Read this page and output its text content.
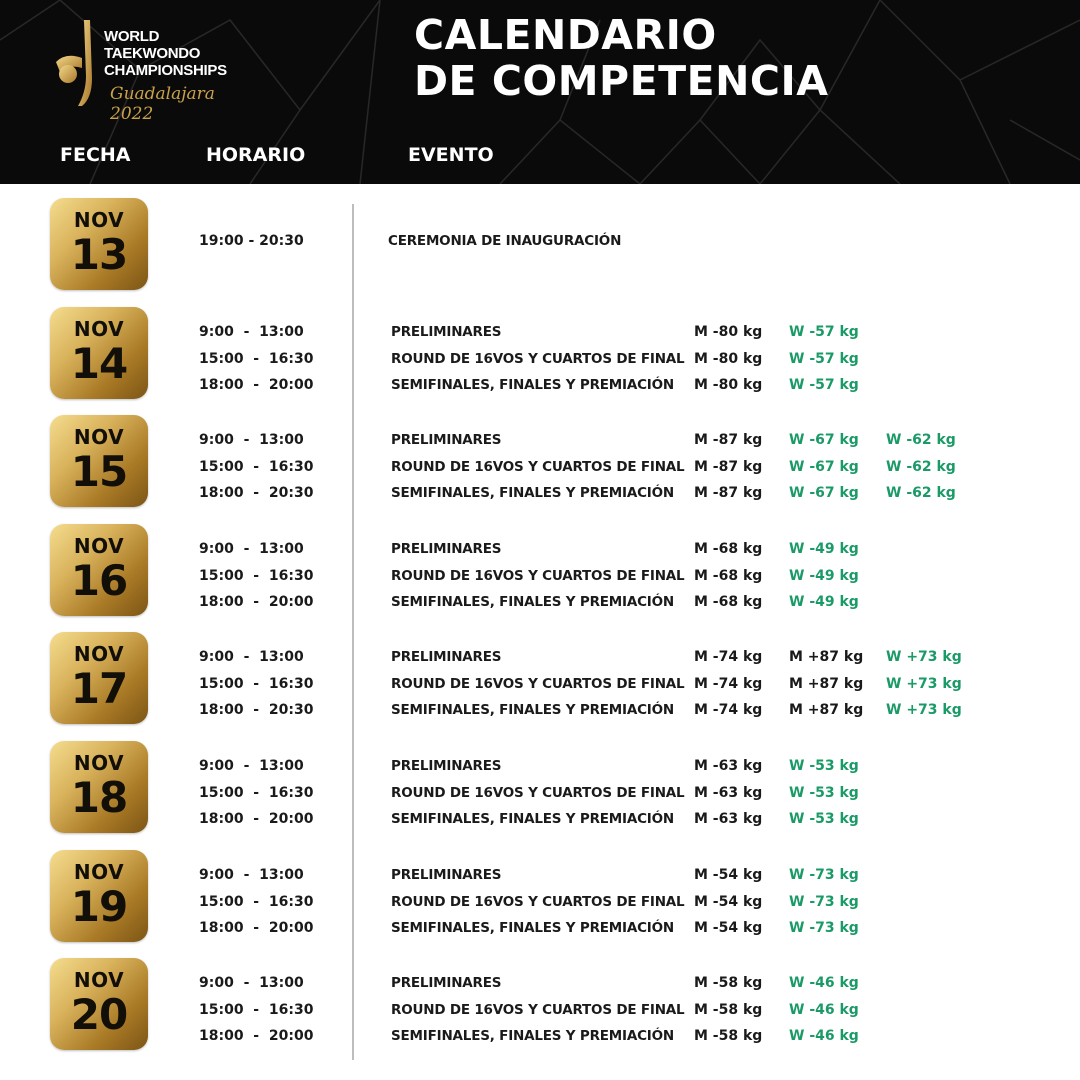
WORLD
TAEKWONDO
CHAMPIONSHIPS
Guadalajara 2022
CALENDARIO
DE COMPETENCIA
FECHA	HORARIO	EVENTO
NOV
13	19:00 - 20:30	CEREMONIA DE INAUGURACIÓN
NOV
14
9:00  -  13:00	PRELIMINARES	M -80 kg	W -57 kg
15:00  -  16:30	ROUND DE 16VOS Y CUARTOS DE FINAL M -80 kg	W -57 kg
18:00  -  20:00	SEMIFINALES, FINALES Y PREMIACIÓN	M -80 kg	W -57 kg
NOV
15
9:00  -  13:00	PRELIMINARES	M -87 kg	W -67 kg	W -62 kg
15:00  -  16:30	ROUND DE 16VOS Y CUARTOS DE FINAL M -87 kg	W -67 kg	W -62 kg
18:00  -  20:30	SEMIFINALES, FINALES Y PREMIACIÓN	M -87 kg	W -67 kg	W -62 kg
NOV
16
9:00  -  13:00	PRELIMINARES	M -68 kg	W -49 kg
15:00  -  16:30	ROUND DE 16VOS Y CUARTOS DE FINAL M -68 kg	W -49 kg
18:00  -  20:00	SEMIFINALES, FINALES Y PREMIACIÓN	M -68 kg	W -49 kg
NOV
17
9:00  -  13:00	PRELIMINARES	M -74 kg	M +87 kg	W +73 kg
15:00  -  16:30	ROUND DE 16VOS Y CUARTOS DE FINAL M -74 kg	M +87 kg	W +73 kg
18:00  -  20:30	SEMIFINALES, FINALES Y PREMIACIÓN	M -74 kg	M +87 kg	W +73 kg
NOV
18
9:00  -  13:00	PRELIMINARES	M -63 kg	W -53 kg
15:00  -  16:30	ROUND DE 16VOS Y CUARTOS DE FINAL M -63 kg	W -53 kg
18:00  -  20:00	SEMIFINALES, FINALES Y PREMIACIÓN	M -63 kg	W -53 kg
NOV
19
9:00  -  13:00	PRELIMINARES	M -54 kg	W -73 kg
15:00  -  16:30	ROUND DE 16VOS Y CUARTOS DE FINAL M -54 kg	W -73 kg
18:00  -  20:00	SEMIFINALES, FINALES Y PREMIACIÓN	M -54 kg	W -73 kg
NOV
20
9:00  -  13:00	PRELIMINARES	M -58 kg	W -46 kg
15:00  -  16:30	ROUND DE 16VOS Y CUARTOS DE FINAL M -58 kg	W -46 kg
18:00  -  20:00	SEMIFINALES, FINALES Y PREMIACIÓN	M -58 kg	W -46 kg
